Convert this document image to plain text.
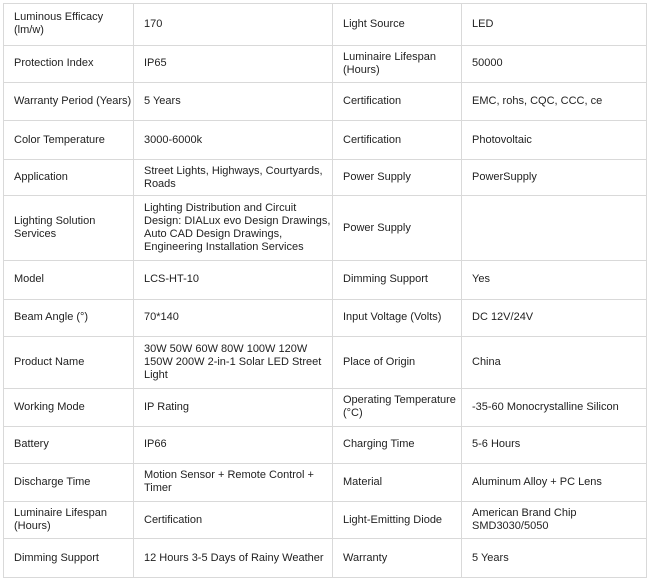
Luminous Efficacy (lm/w)	170	Light Source	LED
Protection Index	IP65	Luminaire Lifespan (Hours)	50000
Warranty Period (Years)	5 Years	Certification	EMC, rohs, CQC, CCC, ce
Color Temperature	3000-6000k	Certification	Photovoltaic
Application	Street Lights, Highways, Courtyards, Roads	Power Supply	PowerSupply
Lighting Solution Services	Lighting Distribution and Circuit Design: DIALux evo Design Drawings, Auto CAD Design Drawings, Engineering Installation Services	Power Supply	
Model	LCS-HT-10	Dimming Support	Yes
Beam Angle (°)	70*140	Input Voltage (Volts)	DC 12V/24V
Product Name	30W 50W 60W 80W 100W 120W 150W 200W 2-in-1 Solar LED Street Light	Place of Origin	China
Working Mode	IP Rating	Operating Temperature (°C)	-35-60 Monocrystalline Silicon
Battery	IP66	Charging Time	5-6 Hours
Discharge Time	Motion Sensor + Remote Control + Timer	Material	Aluminum Alloy + PC Lens
Luminaire Lifespan (Hours)	Certification	Light-Emitting Diode	American Brand Chip SMD3030/5050
Dimming Support	12 Hours 3-5 Days of Rainy Weather	Warranty	5 Years
